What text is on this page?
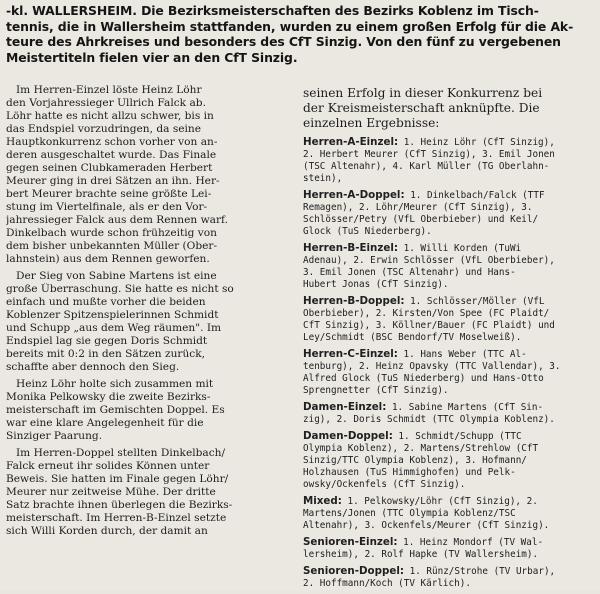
-kl. WALLERSHEIM. Die Bezirksmeisterschaften des Bezirks Koblenz im Tisch-
tennis, die in Wallersheim stattfanden, wurden zu einem großen Erfolg für die Ak-
teure des Ahrkreises und besonders des CfT Sinzig. Von den fünf zu vergebenen
Meistertiteln fielen vier an den CfT Sinzig.
Im Herren-Einzel löste Heinz Löhr
den Vorjahressieger Ullrich Falck ab.
Löhr hatte es nicht allzu schwer, bis in
das Endspiel vorzudringen, da seine
Hauptkonkurrenz schon vorher von an-
deren ausgeschaltet wurde. Das Finale
gegen seinen Clubkameraden Herbert
Meurer ging in drei Sätzen an ihn. Her-
bert Meurer brachte seine größte Lei-
stung im Viertelfinale, als er den Vor-
jahressieger Falck aus dem Rennen warf.
Dinkelbach wurde schon frühzeitig von
dem bisher unbekannten Müller (Ober-
lahnstein) aus dem Rennen geworfen.
Der Sieg von Sabine Martens ist eine
große Überraschung. Sie hatte es nicht so
einfach und mußte vorher die beiden
Koblenzer Spitzenspielerinnen Schmidt
und Schupp „aus dem Weg räumen". Im
Endspiel lag sie gegen Doris Schmidt
bereits mit 0:2 in den Sätzen zurück,
schaffte aber dennoch den Sieg.
Heinz Löhr holte sich zusammen mit
Monika Pelkowsky die zweite Bezirks-
meisterschaft im Gemischten Doppel. Es
war eine klare Angelegenheit für die
Sinziger Paarung.
Im Herren-Doppel stellten Dinkelbach/
Falck erneut ihr solides Können unter
Beweis. Sie hatten im Finale gegen Löhr/
Meurer nur zeitweise Mühe. Der dritte
Satz brachte ihnen überlegen die Bezirks-
meisterschaft. Im Herren-B-Einzel setzte
sich Willi Korden durch, der damit an
seinen Erfolg in dieser Konkurrenz bei
der Kreismeisterschaft anknüpfte. Die
einzelnen Ergebnisse:
Herren-A-Einzel: 1. Heinz Löhr (CfT Sinzig),
2. Herbert Meurer (CfT Sinzig), 3. Emil Jonen
(TSC Altenahr), 4. Karl Müller (TG Oberlahn-
stein),
Herren-A-Doppel: 1. Dinkelbach/Falck (TTF
Remagen), 2. Löhr/Meurer (CfT Sinzig), 3.
Schlösser/Petry (VfL Oberbieber) und Keil/
Glock (TuS Niederberg).
Herren-B-Einzel: 1. Willi Korden (TuWi
Adenau), 2. Erwin Schlösser (VfL Oberbieber),
3. Emil Jonen (TSC Altenahr) und Hans-
Hubert Jonas (CfT Sinzig).
Herren-B-Doppel: 1. Schlösser/Möller (VfL
Oberbieber), 2. Kirsten/Von Spee (FC Plaidt/
CfT Sinzig), 3. Köllner/Bauer (FC Plaidt) und
Ley/Schmidt (BSC Bendorf/TV Moselweiß).
Herren-C-Einzel: 1. Hans Weber (TTC Al-
tenburg), 2. Heinz Opavsky (TTC Vallendar), 3.
Alfred Glock (TuS Niederberg) und Hans-Otto
Sprengnetter (CfT Sinzig).
Damen-Einzel: 1. Sabine Martens (CfT Sin-
zig), 2. Doris Schmidt (TTC Olympia Koblenz).
Damen-Doppel: 1. Schmidt/Schupp (TTC
Olympia Koblenz), 2. Martens/Strehlow (CfT
Sinzig/TTC Olympia Koblenz), 3. Hofmann/
Holzhausen (TuS Himmighofen) und Pelk-
owsky/Ockenfels (CfT Sinzig).
Mixed: 1. Pelkowsky/Löhr (CfT Sinzig), 2.
Martens/Jonen (TTC Olympia Koblenz/TSC
Altenahr), 3. Ockenfels/Meurer (CfT Sinzig).
Senioren-Einzel: 1. Heinz Mondorf (TV Wal-
lersheim), 2. Rolf Hapke (TV Wallersheim).
Senioren-Doppel: 1. Rünz/Strohe (TV Urbar),
2. Hoffmann/Koch (TV Kärlich).
